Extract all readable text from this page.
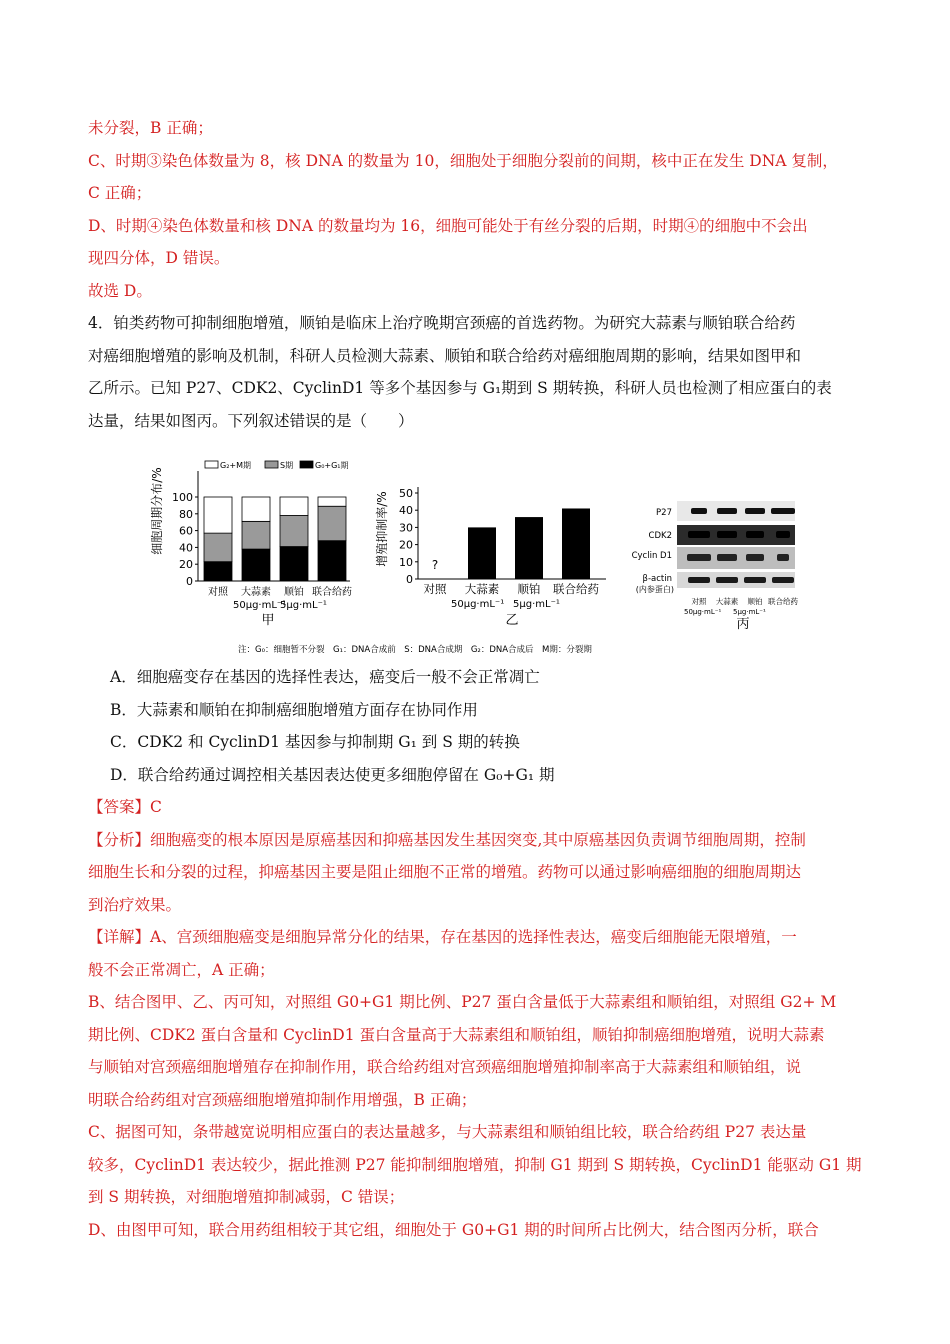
未分裂，B 正确；
C、时期③染色体数量为 8，核 DNA 的数量为 10，细胞处于细胞分裂前的间期，核中正在发生 DNA 复制，
C 正确；
D、时期④染色体数量和核 DNA 的数量均为 16，细胞可能处于有丝分裂的后期，时期④的细胞中不会出
现四分体，D 错误。
故选 D。
4．铂类药物可抑制细胞增殖，顺铂是临床上治疗晚期宫颈癌的首选药物。为研究大蒜素与顺铂联合给药
对癌细胞增殖的影响及机制，科研人员检测大蒜素、顺铂和联合给药对癌细胞周期的影响，结果如图甲和
乙所示。已知 P27、CDK2、CyclinD1 等多个基因参与 G₁期到 S 期转换，科研人员也检测了相应蛋白的表
达量，结果如图丙。下列叙述错误的是（　　）
细胞周期分布/%
0
20
40
60
80
100
G₂+M期	S期	G₀+G₁期
对照 大蒜素 顺铂 联合给药
50μg·mL⁻¹
5μg·mL⁻¹
甲
增殖抑制率/%
0
10
20
30
40
50
?
对照 大蒜素 顺铂 联合给药
50μg·mL⁻¹ 5μg·mL⁻¹
乙
P27
CDK2
Cyclin D1
β-actin
(内参蛋白)
对照 大蒜素 顺铂 联合给药
50μg·mL⁻¹ 5μg·mL⁻¹
丙
注：G₀：细胞暂不分裂　G₁：DNA合成前　S：DNA合成期　G₂：DNA合成后　M期：分裂期
A．细胞癌变存在基因的选择性表达，癌变后一般不会正常凋亡
B．大蒜素和顺铂在抑制癌细胞增殖方面存在协同作用
C．CDK2 和 CyclinD1 基因参与抑制期 G₁ 到 S 期的转换
D．联合给药通过调控相关基因表达使更多细胞停留在 G₀+G₁ 期
【答案】C
【分析】细胞癌变的根本原因是原癌基因和抑癌基因发生基因突变,其中原癌基因负责调节细胞周期，控制
细胞生长和分裂的过程，抑癌基因主要是阻止细胞不正常的增殖。药物可以通过影响癌细胞的细胞周期达
到治疗效果。
【详解】A、宫颈细胞癌变是细胞异常分化的结果，存在基因的选择性表达，癌变后细胞能无限增殖，一
般不会正常凋亡，A 正确；
B、结合图甲、乙、丙可知，对照组 G0+G1 期比例、P27 蛋白含量低于大蒜素组和顺铂组，对照组 G2+ M
期比例、CDK2 蛋白含量和 CyclinD1 蛋白含量高于大蒜素组和顺铂组，顺铂抑制癌细胞增殖，说明大蒜素
与顺铂对宫颈癌细胞增殖存在抑制作用，联合给药组对宫颈癌细胞增殖抑制率高于大蒜素组和顺铂组，说
明联合给药组对宫颈癌细胞增殖抑制作用增强，B 正确；
C、据图可知，条带越宽说明相应蛋白的表达量越多，与大蒜素组和顺铂组比较，联合给药组 P27 表达量
较多，CyclinD1 表达较少，据此推测 P27 能抑制细胞增殖，抑制 G1 期到 S 期转换，CyclinD1 能驱动 G1 期
到 S 期转换，对细胞增殖抑制减弱，C 错误；
D、由图甲可知，联合用药组相较于其它组，细胞处于 G0+G1 期的时间所占比例大，结合图丙分析，联合
